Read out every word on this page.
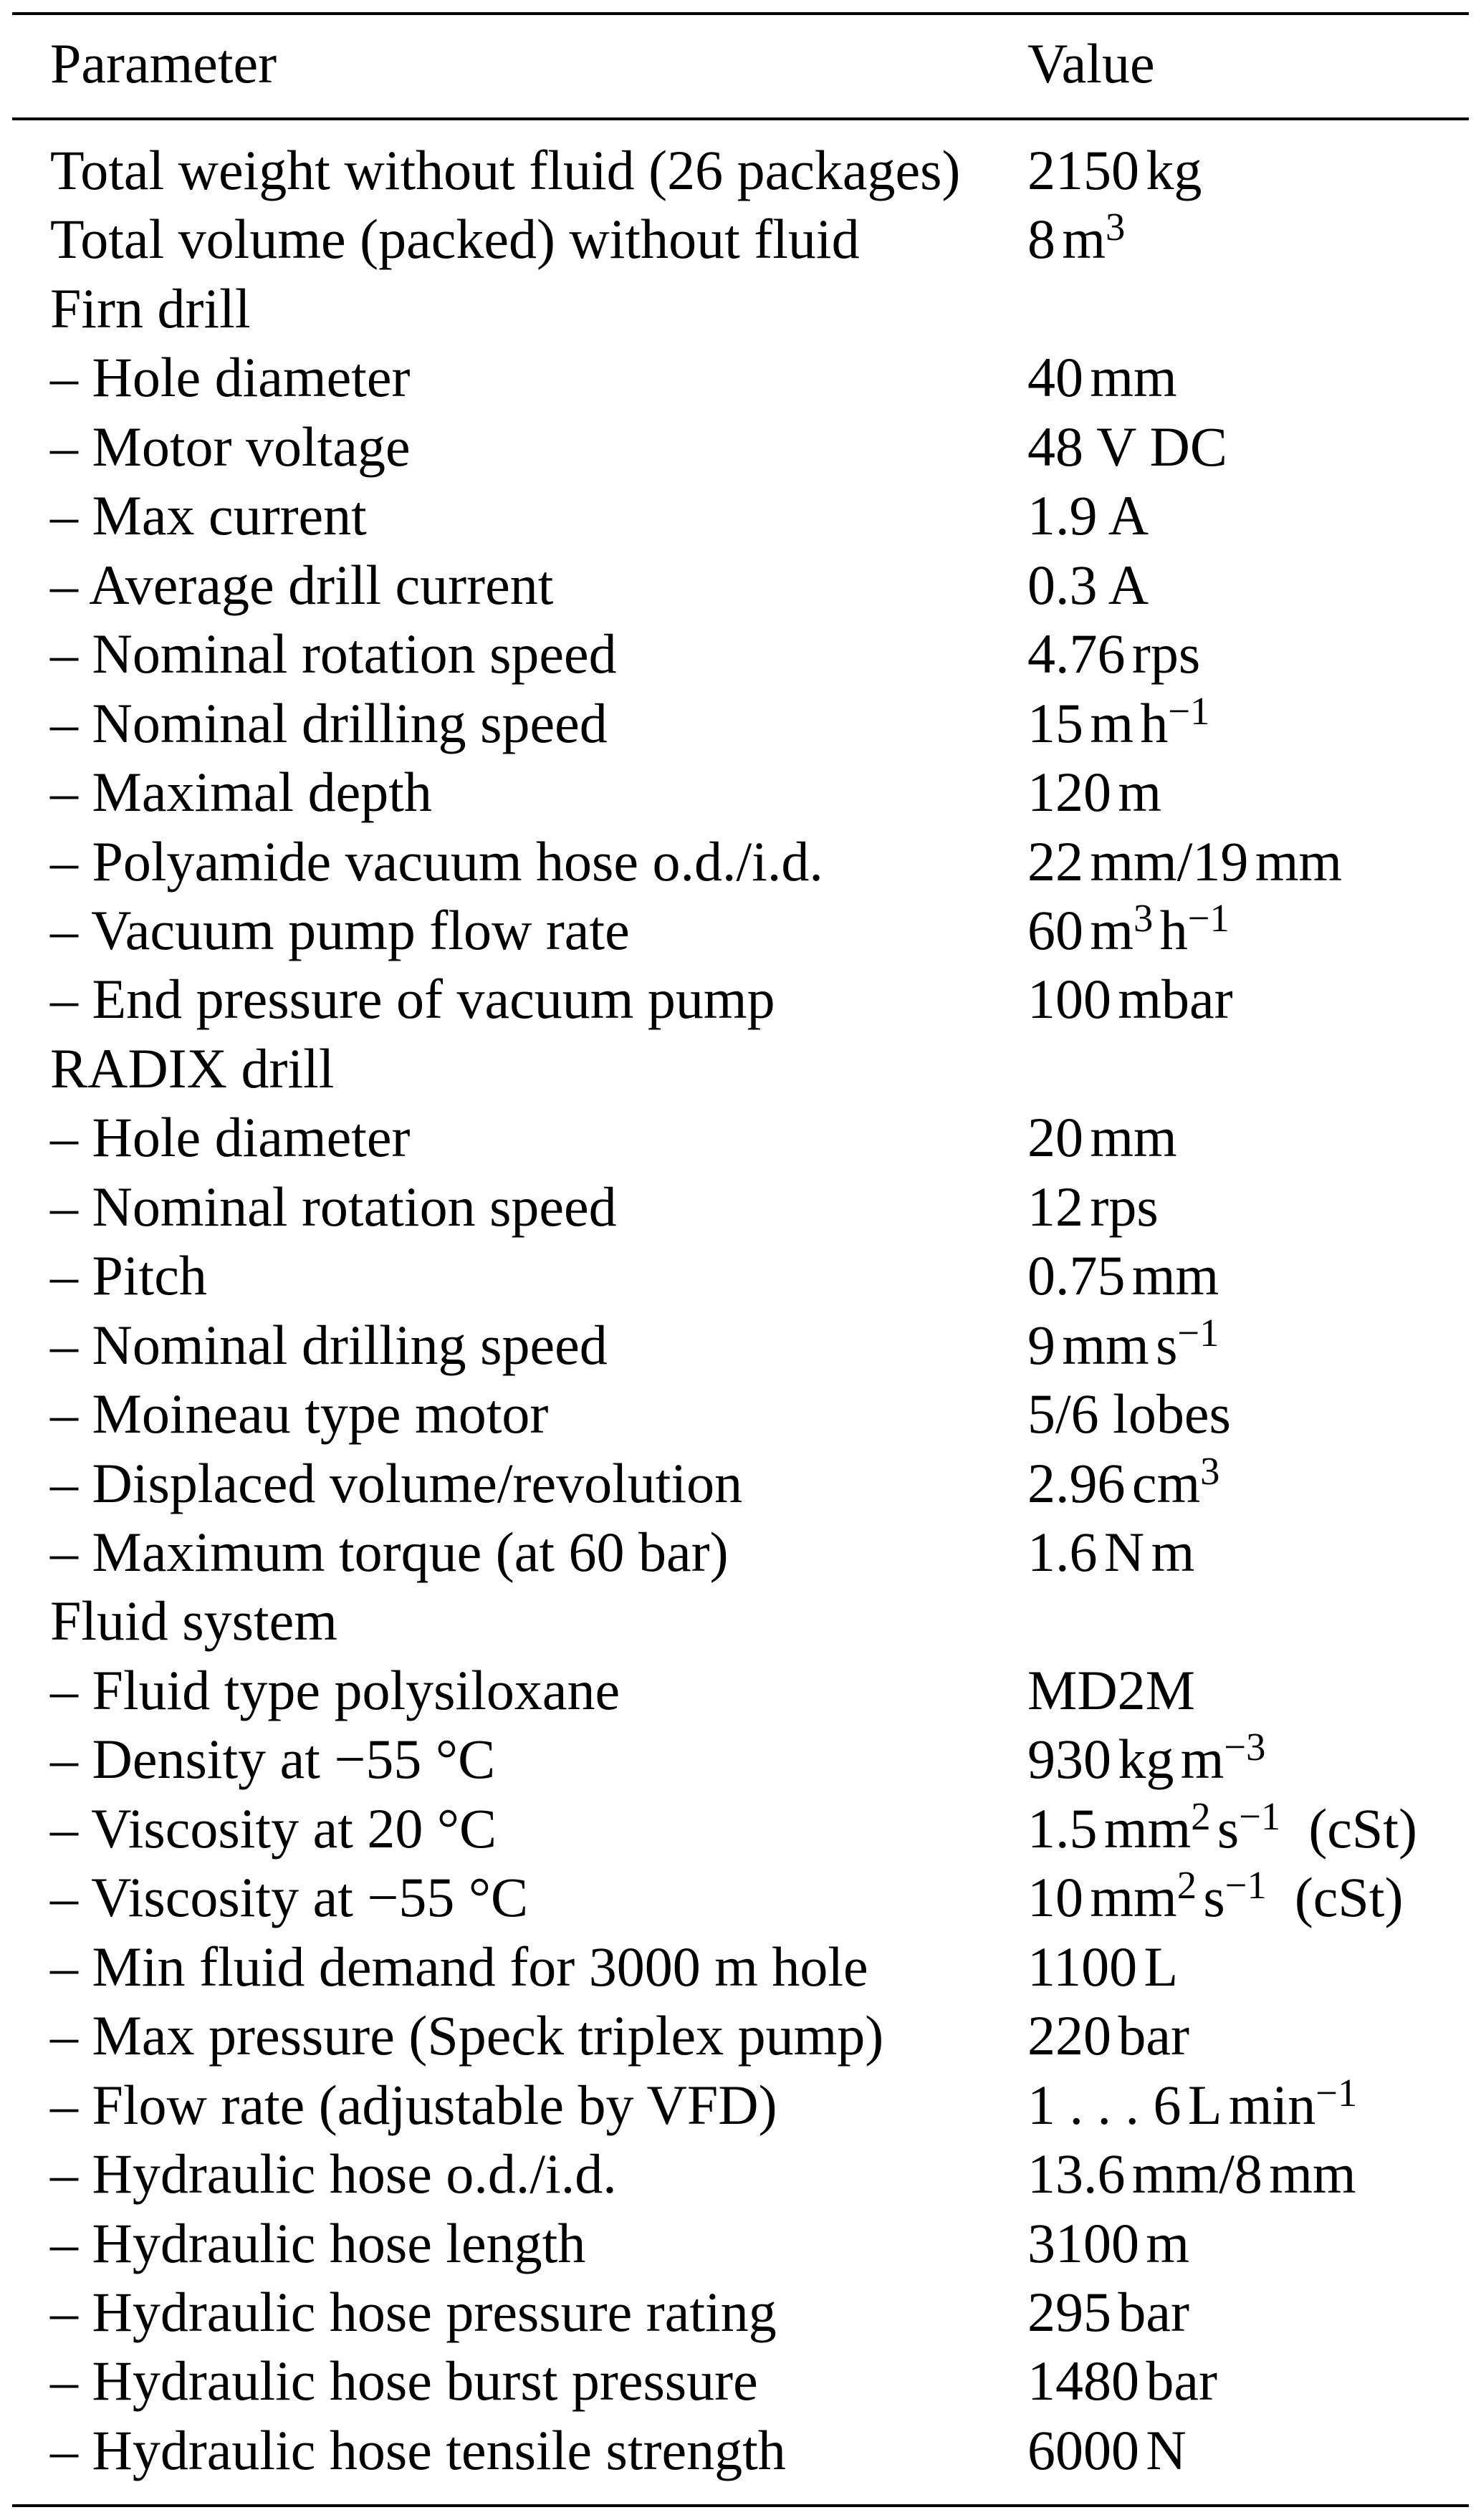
Parameter	Value
Total weight without fluid (26 packages) 2150 kg
Total volume (packed) without fluid	8 $m^3$
Firn drill
– Hole diameter	40 mm
– Motor voltage	48 V DC
– Max current	1.9 A
– Average drill current	0.3 A
– Nominal rotation speed	4.76 rps
– Nominal drilling speed	15 m $h^{-1}$
– Maximal depth	120 m
– Polyamide vacuum hose o.d./i.d.	22 mm/19 mm
– Vacuum pump flow rate	60 $m^3$ $h^{-1}$
– End pressure of vacuum pump	100 mbar
RADIX drill
– Hole diameter	20 mm
– Nominal rotation speed	12 rps
– Pitch	0.75 mm
– Nominal drilling speed	9 mm $s^{-1}$
– Moineau type motor	5/6 lobes
– Displaced volume/revolution	2.96 $cm^3$
– Maximum torque (at 60 bar)	1.6 N m
Fluid system
– Fluid type polysiloxane	MD2M
– Density at −55 °C	930 kg $m^{-3}$
– Viscosity at 20 °C	1.5 $mm^2$ $s^{-1}$  (cSt)
– Viscosity at −55 °C	10 $mm^2$ $s^{-1}$  (cSt)
– Min fluid demand for 3000 m hole	1100 L
– Max pressure (Speck triplex pump)	220 bar
– Flow rate (adjustable by VFD)	1 . . . 6 L $\min^{-1}$
– Hydraulic hose o.d./i.d.	13.6 mm/8 mm
– Hydraulic hose length	3100 m
– Hydraulic hose pressure rating	295 bar
– Hydraulic hose burst pressure	1480 bar
– Hydraulic hose tensile strength	6000 N
